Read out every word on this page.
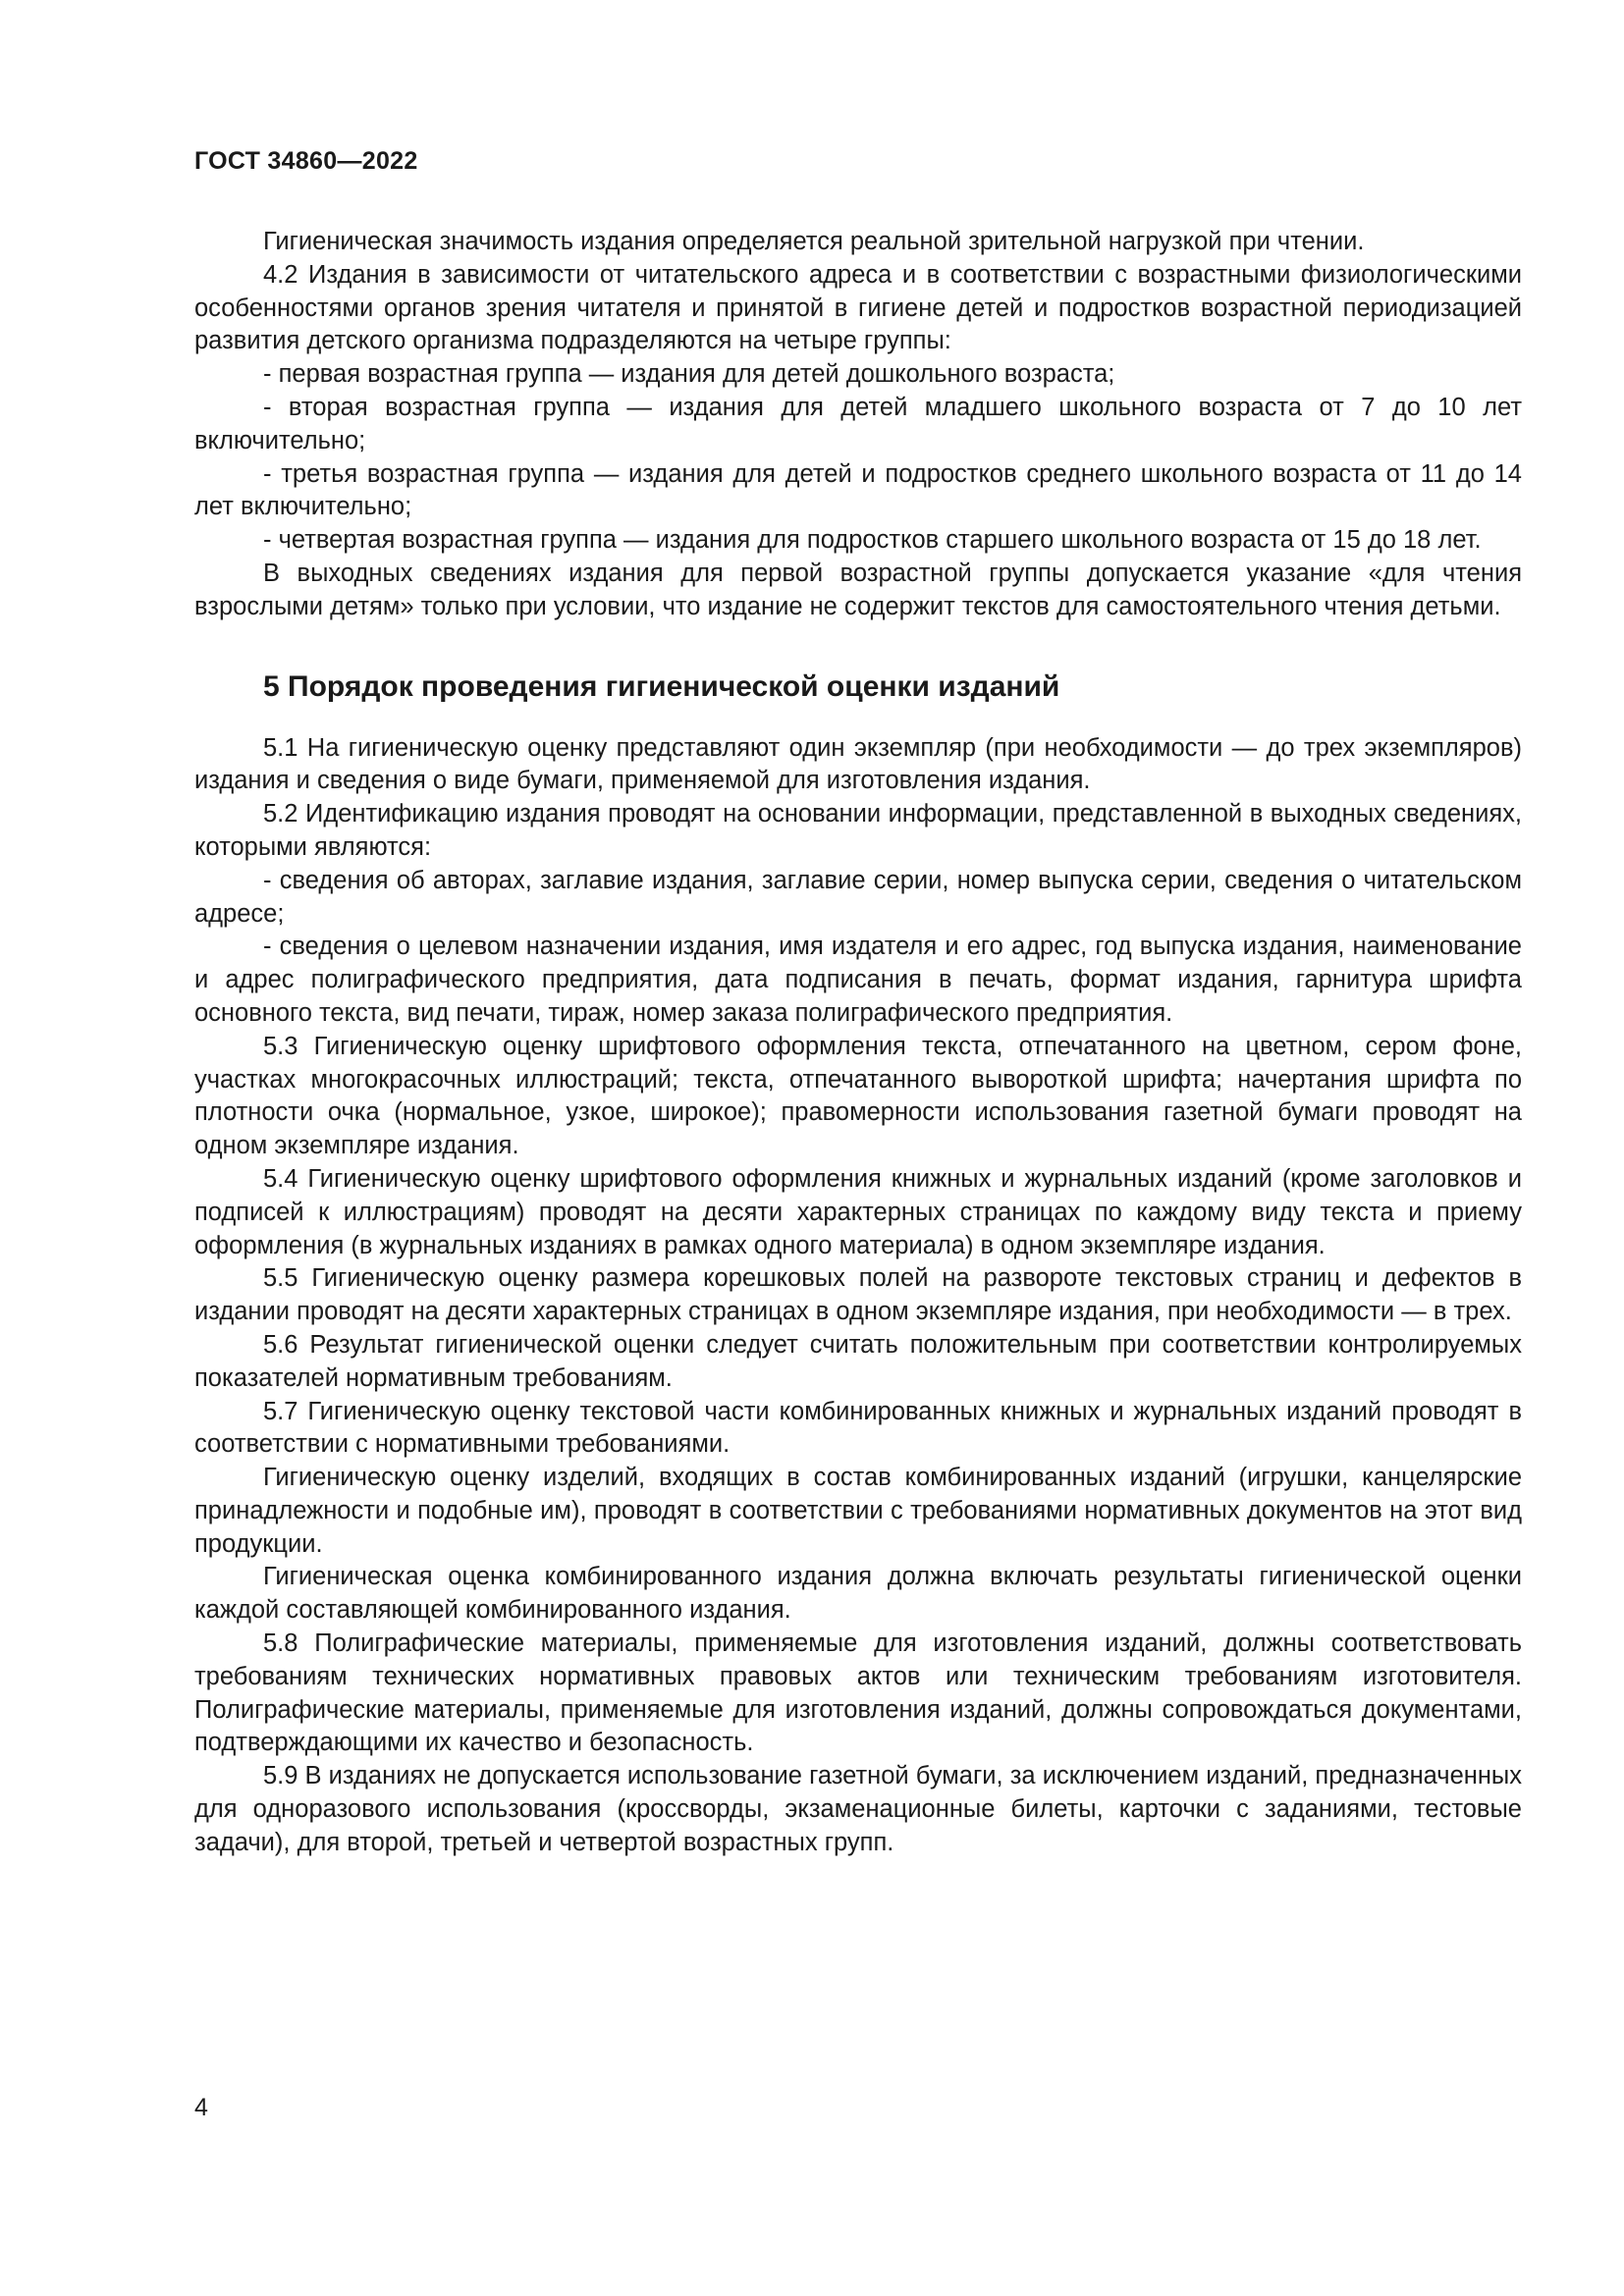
ГОСТ 34860—2022

Гигиеническая значимость издания определяется реальной зрительной нагрузкой при чтении.

4.2 Издания в зависимости от читательского адреса и в соответствии с возрастными физиологическими особенностями органов зрения читателя и принятой в гигиене детей и подростков возрастной периодизацией развития детского организма подразделяются на четыре группы:

- первая возрастная группа — издания для детей дошкольного возраста;

- вторая возрастная группа — издания для детей младшего школьного возраста от 7 до 10 лет включительно;

- третья возрастная группа — издания для детей и подростков среднего школьного возраста от 11 до 14 лет включительно;

- четвертая возрастная группа — издания для подростков старшего школьного возраста от 15 до 18 лет.

В выходных сведениях издания для первой возрастной группы допускается указание «для чтения взрослыми детям» только при условии, что издание не содержит текстов для самостоятельного чтения детьми.

5 Порядок проведения гигиенической оценки изданий

5.1 На гигиеническую оценку представляют один экземпляр (при необходимости — до трех экземпляров) издания и сведения о виде бумаги, применяемой для изготовления издания.

5.2 Идентификацию издания проводят на основании информации, представленной в выходных сведениях, которыми являются:

- сведения об авторах, заглавие издания, заглавие серии, номер выпуска серии, сведения о читательском адресе;

- сведения о целевом назначении издания, имя издателя и его адрес, год выпуска издания, наименование и адрес полиграфического предприятия, дата подписания в печать, формат издания, гарнитура шрифта основного текста, вид печати, тираж, номер заказа полиграфического предприятия.

5.3 Гигиеническую оценку шрифтового оформления текста, отпечатанного на цветном, сером фоне, участках многокрасочных иллюстраций; текста, отпечатанного вывороткой шрифта; начертания шрифта по плотности очка (нормальное, узкое, широкое); правомерности использования газетной бумаги проводят на одном экземпляре издания.

5.4 Гигиеническую оценку шрифтового оформления книжных и журнальных изданий (кроме заголовков и подписей к иллюстрациям) проводят на десяти характерных страницах по каждому виду текста и приему оформления (в журнальных изданиях в рамках одного материала) в одном экземпляре издания.

5.5 Гигиеническую оценку размера корешковых полей на развороте текстовых страниц и дефектов в издании проводят на десяти характерных страницах в одном экземпляре издания, при необходимости — в трех.

5.6 Результат гигиенической оценки следует считать положительным при соответствии контролируемых показателей нормативным требованиям.

5.7 Гигиеническую оценку текстовой части комбинированных книжных и журнальных изданий проводят в соответствии с нормативными требованиями.

Гигиеническую оценку изделий, входящих в состав комбинированных изданий (игрушки, канцелярские принадлежности и подобные им), проводят в соответствии с требованиями нормативных документов на этот вид продукции.

Гигиеническая оценка комбинированного издания должна включать результаты гигиенической оценки каждой составляющей комбинированного издания.

5.8 Полиграфические материалы, применяемые для изготовления изданий, должны соответствовать требованиям технических нормативных правовых актов или техническим требованиям изготовителя. Полиграфические материалы, применяемые для изготовления изданий, должны сопровождаться документами, подтверждающими их качество и безопасность.

5.9 В изданиях не допускается использование газетной бумаги, за исключением изданий, предназначенных для одноразового использования (кроссворды, экзаменационные билеты, карточки с заданиями, тестовые задачи), для второй, третьей и четвертой возрастных групп.

4
